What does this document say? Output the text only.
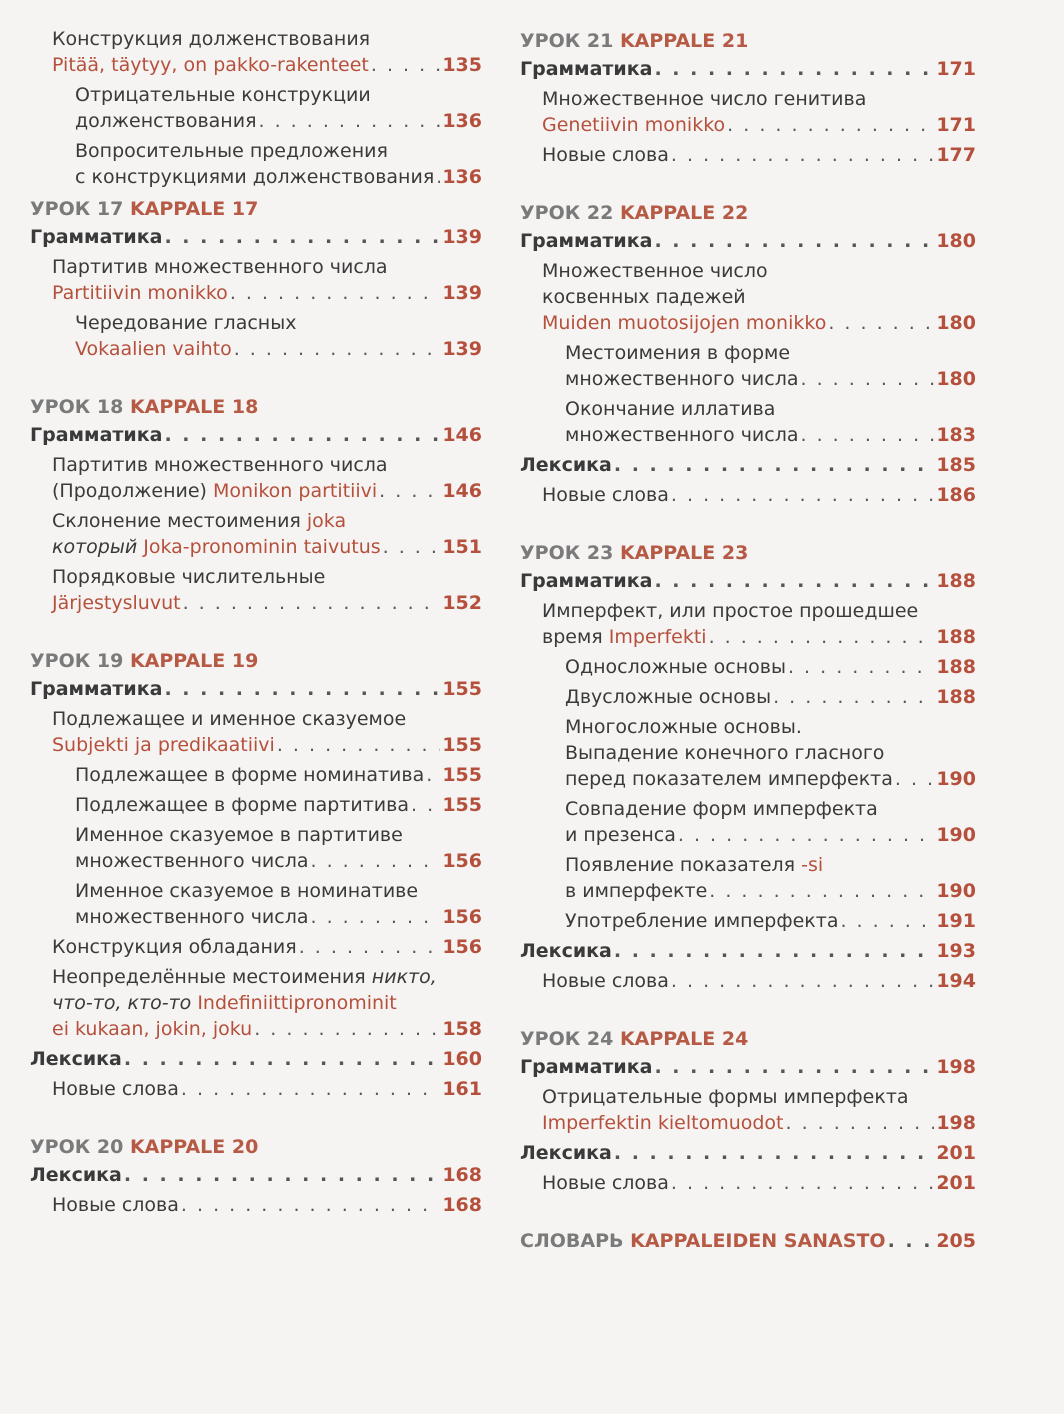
Конструкция долженствования
Pitää, täytyy, on pakko-rakenteet . . .	135
Отрицательные конструкции
долженствования . . .	136
Вопросительные предложения
с конструкциями долженствования . . . 136
УРОК 17 KAPPALE 17
Грамматика . . .	139
Партитив множественного числа
Partitiivin monikko . . .	139
Чередование гласных
Vokaalien vaihto . . .	139
УРОК 18 KAPPALE 18
Грамматика . . .	146
Партитив множественного числа
(Продолжение) Monikon partitiivi . . .	146
Склонение местоимения joka
который Joka-pronominin taivutus . . .	151
Порядковые числительные
Järjestysluvut . . .	152
УРОК 19 KAPPALE 19
Грамматика . . .	155
Подлежащее и именное сказуемое
Subjekti ja predikaatiivi . . .	155
Подлежащее в форме номинатива . . . 155
Подлежащее в форме партитива . . . 155
Именное сказуемое в партитиве
множественного числа . . .	156
Именное сказуемое в номинативе
множественного числа . . .	156
Конструкция обладания . . .	156
Неопределённые местоимения никто,
что-то, кто-то Indefiniittipronominit
ei kukaan, jokin, joku . . .	158
Лексика . . .	160
Новые слова . . .	161
УРОК 20 KAPPALE 20
Лексика . . .	168
Новые слова . . .	168
УРОК 21 KAPPALE 21
Грамматика . . .	171
Множественное число генитива
Genetiivin monikko . . .	171
Новые слова . . .	177
УРОК 22 KAPPALE 22
Грамматика . . .	180
Множественное число
косвенных падежей
Muiden muotosijojen monikko . . .	180
Местоимения в форме
множественного числа . . .	180
Окончание иллатива
множественного числа . . .	183
Лексика . . .	185
Новые слова . . .	186
УРОК 23 KAPPALE 23
Грамматика . . .	188
Имперфект, или простое прошедшее
время Imperfekti . . .	188
Односложные основы . . .	188
Двусложные основы . . .	188
Многосложные основы.
Выпадение конечного гласного
перед показателем имперфекта . . . 190
Совпадение форм имперфекта
и презенса . . .	190
Появление показателя -si
в имперфекте . . .	190
Употребление имперфекта . . .	191
Лексика . . .	193
Новые слова . . .	194
УРОК 24 KAPPALE 24
Грамматика . . .	198
Отрицательные формы имперфекта
Imperfektin kieltomuodot . . .	198
Лексика . . .	201
Новые слова . . .	201
СЛОВАРЬ KAPPALEIDEN SANASTO . . .	205
